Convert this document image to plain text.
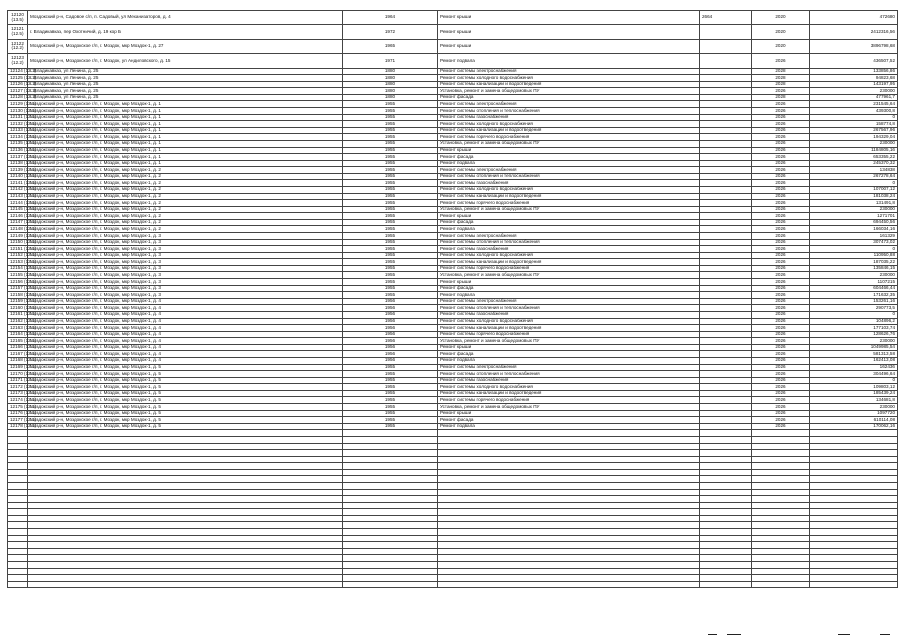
12120 (13.5)	Моздокский р-н, Садовое с/п, п. Садовый, ул Механизаторов, д. 4	1964	Ремонт крыши	2664	2020	472680
12121 (12.5)	г. Владикавказ, пер Охотничий, д. 19 кор Б	1972	Ремонт крыши		2020	2412316,56
12122 (12.2)	Моздокский р-н, Моздокское г/п, г. Моздок, мкр Моздок-1, д. 27	1965	Ремонт крыши		2020	3896798,68
12123 (12.2)	Моздокский р-н, Моздокское г/п, г. Моздок, ул Андиловского, д. 15	1971	Ремонт подвала		2026	436507,52
12124 (12.1)	г. Владикавказ, ул Ленина, д. 25	1880	Ремонт системы электроснабжения		2028	133856,86
12125 (12.1)	г. Владикавказ, ул Ленина, д. 25	1880	Ремонт системы холодного водоснабжения		2028	94823,68
12126 (12.1)	г. Владикавказ, ул Ленина, д. 25	1880	Ремонт системы канализации и водоотведения		2028	143197,95
12127 (12.1)	г. Владикавказ, ул Ленина, д. 25	1880	Установка, ремонт и замена общедомовых ПУ		2026	230000
12128 (12.1)	г. Владикавказ, ул Ленина, д. 25	1880	Ремонт фасада		2028	477961,7
12129 (12.1)	Моздокский р-н, Моздокское г/п, г. Моздок, мкр Моздок-1, д. 1	1955	Ремонт системы электроснабжения		2026	231545,64
12130 (12.1)	Моздокский р-н, Моздокское г/п, г. Моздок, мкр Моздок-1, д. 1	1955	Ремонт системы отопления и теплоснабжения		2026	439300,8
12131 (12.1)	Моздокский р-н, Моздокское г/п, г. Моздок, мкр Моздок-1, д. 1	1955	Ремонт системы газоснабжения		2026	0
12132 (12.1)	Моздокский р-н, Моздокское г/п, г. Моздок, мкр Моздок-1, д. 1	1955	Ремонт системы холодного водоснабжения		2026	158774,8
12133 (12.1)	Моздокский р-н, Моздокское г/п, г. Моздок, мкр Моздок-1, д. 1	1955	Ремонт системы канализации и водоотведения		2026	267567,96
12134 (12.1)	Моздокский р-н, Моздокское г/п, г. Моздок, мкр Моздок-1, д. 1	1955	Ремонт системы горячего водоснабжения		2026	194329,04
12135 (12.1)	Моздокский р-н, Моздокское г/п, г. Моздок, мкр Моздок-1, д. 1	1955	Установка, ремонт и замена общедомовых ПУ		2026	230000
12136 (12.1)	Моздокский р-н, Моздокское г/п, г. Моздок, мкр Моздок-1, д. 1	1955	Ремонт крыши		2026	1184805,16
12137 (12.1)	Моздокский р-н, Моздокское г/п, г. Моздок, мкр Моздок-1, д. 1	1955	Ремонт фасада		2026	653355,22
12138 (12.1)	Моздокский р-н, Моздокское г/п, г. Моздок, мкр Моздок-1, д. 1	1955	Ремонт подвала		2026	245370,32
12139 (12.1)	Моздокский р-н, Моздокское г/п, г. Моздок, мкр Моздок-1, д. 2	1955	Ремонт системы электроснабжения		2026	134838
12140 (12.1)	Моздокский р-н, Моздокское г/п, г. Моздок, мкр Моздок-1, д. 2	1955	Ремонт системы отопления и теплоснабжения		2026	267278,64
12141 (12.1)	Моздокский р-н, Моздокское г/п, г. Моздок, мкр Моздок-1, д. 2	1955	Ремонт системы газоснабжения		2026	0
12142 (12.1)	Моздокский р-н, Моздокское г/п, г. Моздок, мкр Моздок-1, д. 2	1955	Ремонт системы холодного водоснабжения		2026	107007,12
12143 (12.1)	Моздокский р-н, Моздокское г/п, г. Моздок, мкр Моздок-1, д. 2	1955	Ремонт системы канализации и водоотведения		2026	181038,24
12144 (12.1)	Моздокский р-н, Моздокское г/п, г. Моздок, мкр Моздок-1, д. 2	1955	Ремонт системы горячего водоснабжения		2026	131491,8
12145 (12.1)	Моздокский р-н, Моздокское г/п, г. Моздок, мкр Моздок-1, д. 2	1955	Установка, ремонт и замена общедомовых ПУ		2026	230000
12146 (12.1)	Моздокский р-н, Моздокское г/п, г. Моздок, мкр Моздок-1, д. 2	1955	Ремонт крыши		2026	1271701
12147 (12.1)	Моздокский р-н, Моздокское г/п, г. Моздок, мкр Моздок-1, д. 2	1955	Ремонт фасада		2026	694450,56
12148 (12.1)	Моздокский р-н, Моздокское г/п, г. Моздок, мкр Моздок-1, д. 2	1955	Ремонт подвала		2026	166034,16
12149 (12.1)	Моздокский р-н, Моздокское г/п, г. Моздок, мкр Моздок-1, д. 3	1955	Ремонт системы электроснабжения		2026	161329
12150 (12.1)	Моздокский р-н, Моздокское г/п, г. Моздок, мкр Моздок-1, д. 3	1955	Ремонт системы отопления и теплоснабжения		2026	307473,02
12151 (12.1)	Моздокский р-н, Моздокское г/п, г. Моздок, мкр Моздок-1, д. 3	1955	Ремонт системы газоснабжения		2026	0
12152 (12.1)	Моздокский р-н, Моздокское г/п, г. Моздок, мкр Моздок-1, д. 3	1955	Ремонт системы холодного водоснабжения		2026	110950,88
12153 (12.1)	Моздокский р-н, Моздокское г/п, г. Моздок, мкр Моздок-1, д. 3	1955	Ремонт системы канализации и водоотведения		2026	187035,22
12154 (12.1)	Моздокский р-н, Моздокское г/п, г. Моздок, мкр Моздок-1, д. 3	1955	Ремонт системы горячего водоснабжения		2026	135846,15
12155 (12.1)	Моздокский р-н, Моздокское г/п, г. Моздок, мкр Моздок-1, д. 3	1955	Установка, ремонт и замена общедомовых ПУ		2026	230000
12156 (12.1)	Моздокский р-н, Моздокское г/п, г. Моздок, мкр Моздок-1, д. 3	1955	Ремонт крыши		2026	1107215
12157 (12.1)	Моздокский р-н, Моздокское г/п, г. Моздок, мкр Моздок-1, д. 3	1955	Ремонт фасада		2026	604466,44
12158 (12.1)	Моздокский р-н, Моздокское г/п, г. Моздок, мкр Моздок-1, д. 3	1955	Ремонт подвала		2026	171632,35
12159 (12.1)	Моздокский р-н, Моздокское г/п, г. Моздок, мкр Моздок-1, д. 4	1956	Ремонт системы электроснабжения		2026	153261,16
12160 (12.1)	Моздокский р-н, Моздокское г/п, г. Моздок, мкр Моздок-1, д. 4	1956	Ремонт системы отопления и теплоснабжения		2026	290773,5
12161 (12.1)	Моздокский р-н, Моздокское г/п, г. Моздок, мкр Моздок-1, д. 4	1956	Ремонт системы газоснабжения		2026	0
12162 (12.1)	Моздокский р-н, Моздокское г/п, г. Моздок, мкр Моздок-1, д. 4	1956	Ремонт системы холодного водоснабжения		2026	104896,2
12163 (12.1)	Моздокский р-н, Моздокское г/п, г. Моздок, мкр Моздок-1, д. 4	1956	Ремонт системы канализации и водоотведения		2026	177103,74
12164 (12.1)	Моздокский р-н, Моздокское г/п, г. Моздок, мкр Моздок-1, д. 4	1956	Ремонт системы горячего водоснабжения		2026	128626,76
12165 (12.1)	Моздокский р-н, Моздокское г/п, г. Моздок, мкр Моздок-1, д. 4	1956	Установка, ремонт и замена общедомовых ПУ		2026	230000
12166 (12.1)	Моздокский р-н, Моздокское г/п, г. Моздок, мкр Моздок-1, д. 4	1956	Ремонт крыши		2026	1049985,54
12167 (12.1)	Моздокский р-н, Моздокское г/п, г. Моздок, мкр Моздок-1, д. 4	1956	Ремонт фасада		2026	581313,58
12168 (12.1)	Моздокский р-н, Моздокское г/п, г. Моздок, мкр Моздок-1, д. 4	1956	Ремонт подвала		2026	162413,08
12169 (12.1)	Моздокский р-н, Моздокское г/п, г. Моздок, мкр Моздок-1, д. 5	1955	Ремонт системы электроснабжения		2026	162436
12170 (12.1)	Моздокский р-н, Моздокское г/п, г. Моздок, мкр Моздок-1, д. 5	1955	Ремонт системы отопления и теплоснабжения		2026	304496,64
12171 (12.1)	Моздокский р-н, Моздокское г/п, г. Моздок, мкр Моздок-1, д. 5	1955	Ремонт системы газоснабжения		2026	0
12172 (12.1)	Моздокский р-н, Моздокское г/п, г. Моздок, мкр Моздок-1, д. 5	1955	Ремонт системы холодного водоснабжения		2026	109803,12
12173 (12.1)	Моздокский р-н, Моздокское г/п, г. Моздок, мкр Моздок-1, д. 5	1955	Ремонт системы канализации и водоотведения		2026	185439,24
12174 (12.1)	Моздокский р-н, Моздокское г/п, г. Моздок, мкр Моздок-1, д. 5	1955	Ремонт системы горячего водоснабжения		2026	134681,8
12175 (12.1)	Моздокский р-н, Моздокское г/п, г. Моздок, мкр Моздок-1, д. 5	1955	Установка, ремонт и замена общедомовых ПУ		2026	230000
12176 (12.1)	Моздокский р-н, Моздокское г/п, г. Моздок, мкр Моздок-1, д. 5	1955	Ремонт крыши		2026	1097720
12177 (12.1)	Моздокский р-н, Моздокское г/п, г. Моздок, мкр Моздок-1, д. 5	1955	Ремонт фасада		2026	610114,08
12178 (12.1)	Моздокский р-н, Моздокское г/п, г. Моздок, мкр Моздок-1, д. 5	1955	Ремонт подвала		2026	170062,16
